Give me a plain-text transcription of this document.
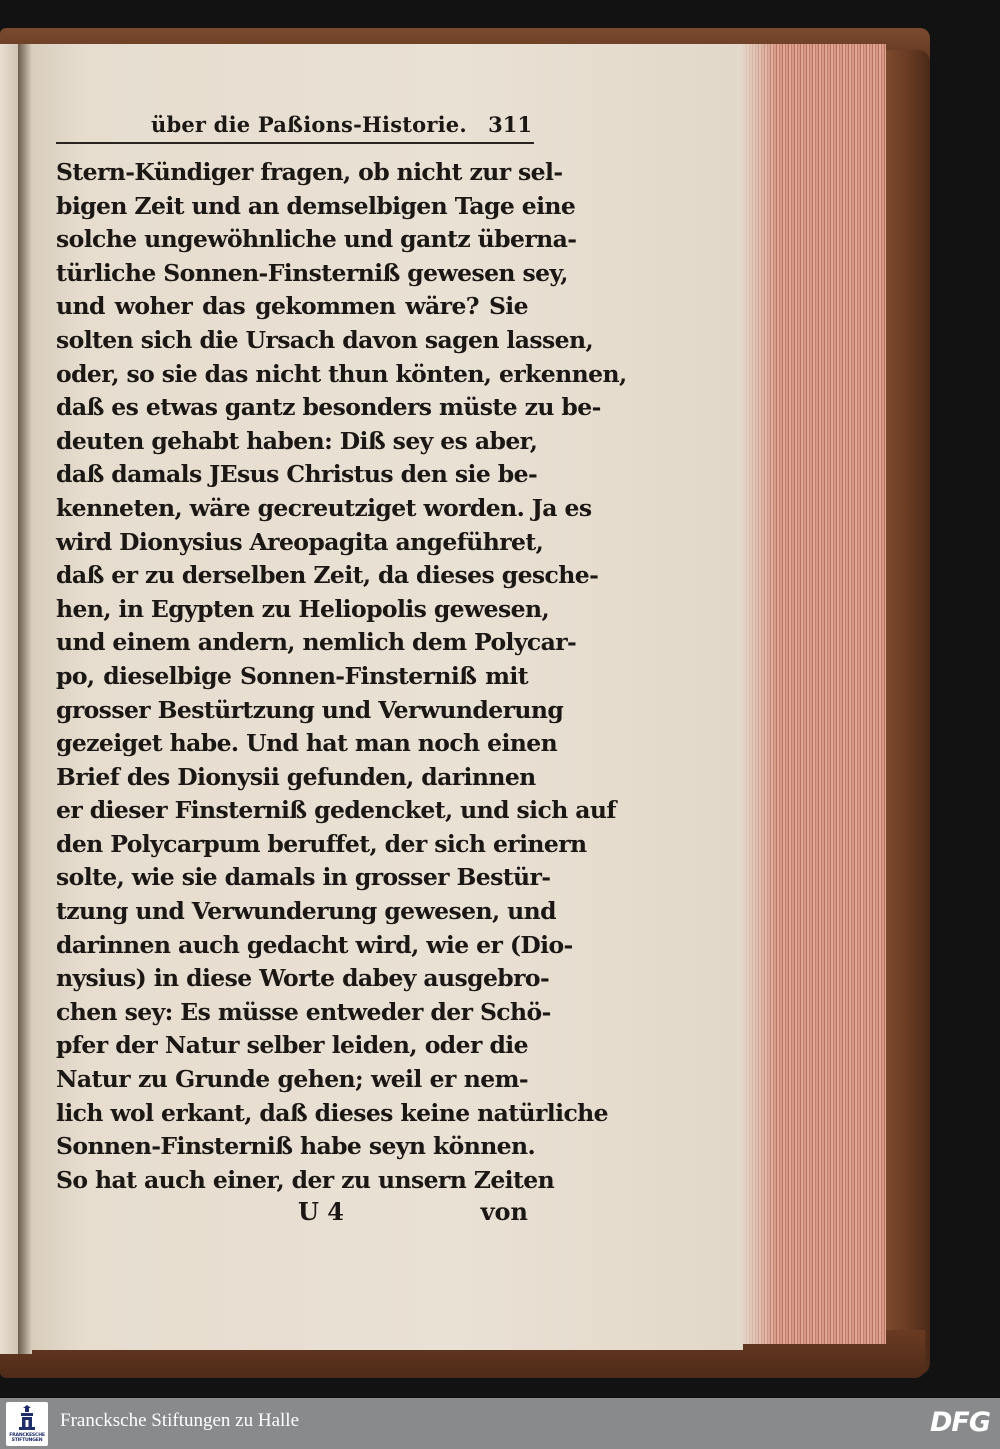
über die Paßions-Historie. 311
Stern-Kündiger fragen, ob nicht zur sel-
bigen Zeit und an demselbigen Tage eine
solche ungewöhnliche und gantz überna-
türliche Sonnen-Finsterniß gewesen sey,
und woher das gekommen wäre? Sie
solten sich die Ursach davon sagen lassen,
oder, so sie das nicht thun könten, erkennen,
daß es etwas gantz besonders müste zu be-
deuten gehabt haben: Diß sey es aber,
daß damals JEsus Christus den sie be-
kenneten, wäre gecreutziget worden. Ja es
wird Dionysius Areopagita angeführet,
daß er zu derselben Zeit, da dieses gesche-
hen, in Egypten zu Heliopolis gewesen,
und einem andern, nemlich dem Polycar-
po, dieselbige Sonnen-Finsterniß mit
grosser Bestürtzung und Verwunderung
gezeiget habe. Und hat man noch einen
Brief des Dionysii gefunden, darinnen
er dieser Finsterniß gedencket, und sich auf
den Polycarpum beruffet, der sich erinern
solte, wie sie damals in grosser Bestür-
tzung und Verwunderung gewesen, und
darinnen auch gedacht wird, wie er (Dio-
nysius) in diese Worte dabey ausgebro-
chen sey: Es müsse entweder der Schö-
pfer der Natur selber leiden, oder die
Natur zu Grunde gehen; weil er nem-
lich wol erkant, daß dieses keine natürliche
Sonnen-Finsterniß habe seyn können.
So hat auch einer, der zu unsern Zeiten
U 4	von
FRANCKESCHE STIFTUNGEN
Francksche Stiftungen zu Halle	DFG
